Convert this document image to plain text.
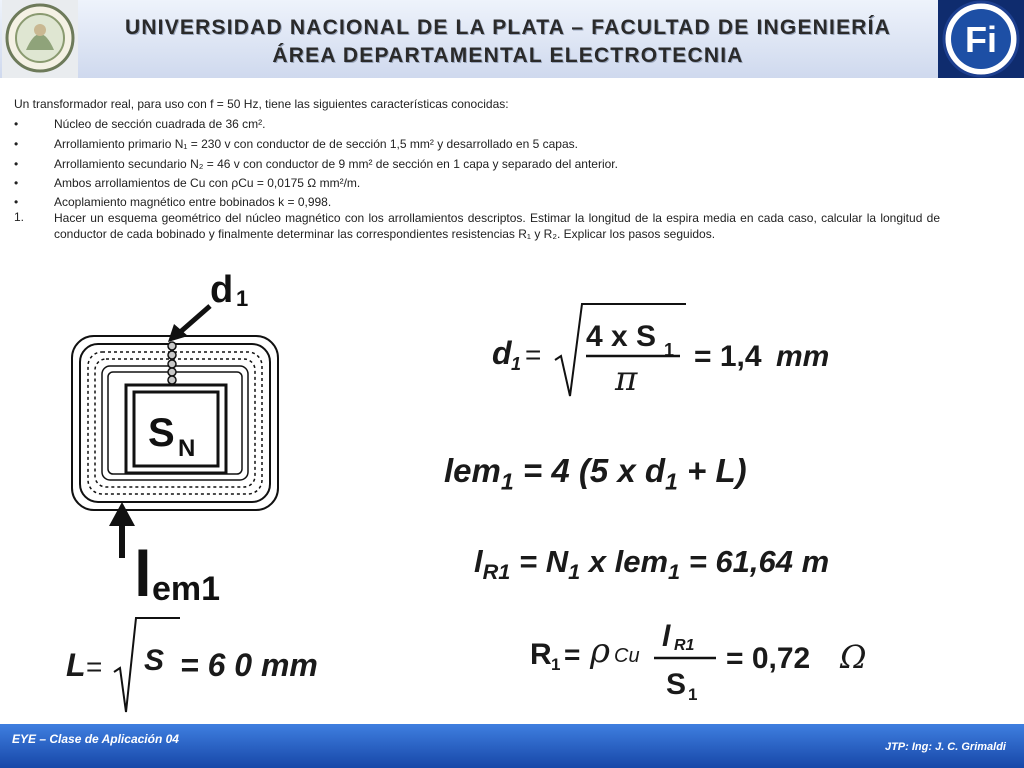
UNIVERSIDAD NACIONAL DE LA PLATA – FACULTAD DE INGENIERÍA
ÁREA DEPARTAMENTAL ELECTROTECNIA	Fi
Un transformador real, para uso con f = 50 Hz, tiene las siguientes características conocidas:
•	Núcleo de sección cuadrada de 36 cm².
•	Arrollamiento primario N₁ = 230 v con conductor de de sección 1,5 mm² y desarrollado en 5 capas.
•	Arrollamiento secundario N₂ = 46 v con conductor de 9 mm² de sección en 1 capa y separado del anterior.
•	Ambos arrollamientos de Cu con ρCu = 0,0175 Ω mm²/m.
•	Acoplamiento magnético entre bobinados k = 0,998.
1. Hacer un esquema geométrico del núcleo magnético con los arrollamientos descriptos. Estimar la longitud de la espira media en cada caso, calcular la longitud de conductor de cada bobinado y finalmente determinar las correspondientes resistencias R₁ y R₂. Explicar los pasos seguidos.
S N
d 1
l em1
d 1 =
4 x S 1
π
= 1,4 mm
lem$_1$ = 4 (5 x $d_1 + L$)
$l_{R1} = N_1$ x lem$_1$ = 61,64 m
R 1 = ρ Cu
l R1
S 1
= 0,72 Ω
L = S = 6 0 mm
EYE – Clase de Aplicación 04
JTP: Ing: J. C. Grimaldi
